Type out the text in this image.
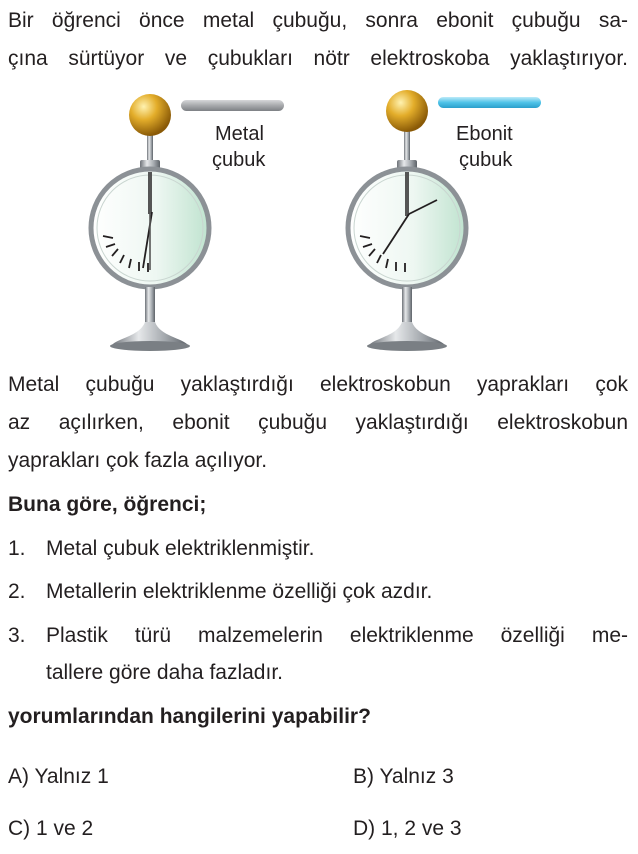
Bir öğrenci önce metal çubuğu, sonra ebonit çubuğu sa-
çına sürtüyor ve çubukları nötr elektroskoba yaklaştırıyor.
Metal
çubuk
Ebonit
çubuk
Metal çubuğu yaklaştırdığı elektroskobun yaprakları çok
az açılırken, ebonit çubuğu yaklaştırdığı elektroskobun
yaprakları çok fazla açılıyor.
Buna göre, öğrenci;
1. Metal çubuk elektriklenmiştir.
2. Metallerin elektriklenme özelliği çok azdır.
3. Plastik türü malzemelerin elektriklenme özelliği me-
tallere göre daha fazladır.
yorumlarından hangilerini yapabilir?
A) Yalnız 1	B) Yalnız 3
C) 1 ve 2	D) 1, 2 ve 3
